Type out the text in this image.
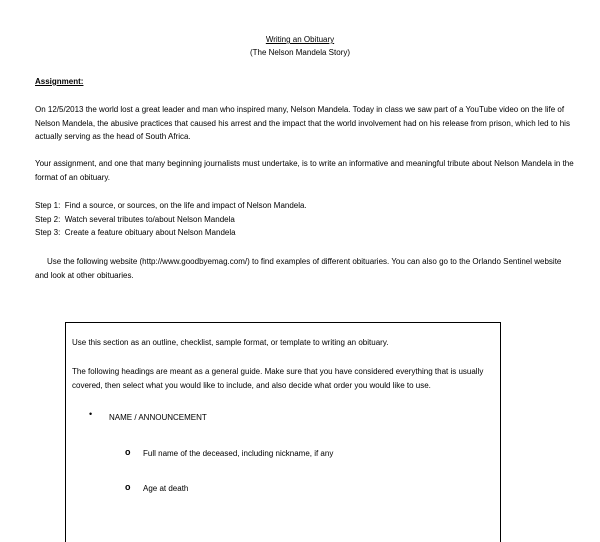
Writing an Obituary
(The Nelson Mandela Story)
Assignment:
On 12/5/2013 the world lost a great leader and man who inspired many, Nelson Mandela. Today in class we saw part of a YouTube video on the life of Nelson Mandela, the abusive practices that caused his arrest and the impact that the world involvement had on his release from prison, which led to his actually serving as the head of South Africa.
Your assignment, and one that many beginning journalists must undertake, is to write an informative and meaningful tribute about Nelson Mandela in the format of an obituary.
Step 1:  Find a source, or sources, on the life and impact of Nelson Mandela.
Step 2:  Watch several tributes to/about Nelson Mandela
Step 3:  Create a feature obituary about Nelson Mandela
Use the following website (http://www.goodbyemag.com/) to find examples of different obituaries. You can also go to the Orlando Sentinel website and look at other obituaries.
Use this section as an outline, checklist, sample format, or template to writing an obituary.
The following headings are meant as a general guide. Make sure that you have considered everything that is usually covered, then select what you would like to include, and also decide what order you would like to use.
• NAME / ANNOUNCEMENT
o Full name of the deceased, including nickname, if any
o Age at death
